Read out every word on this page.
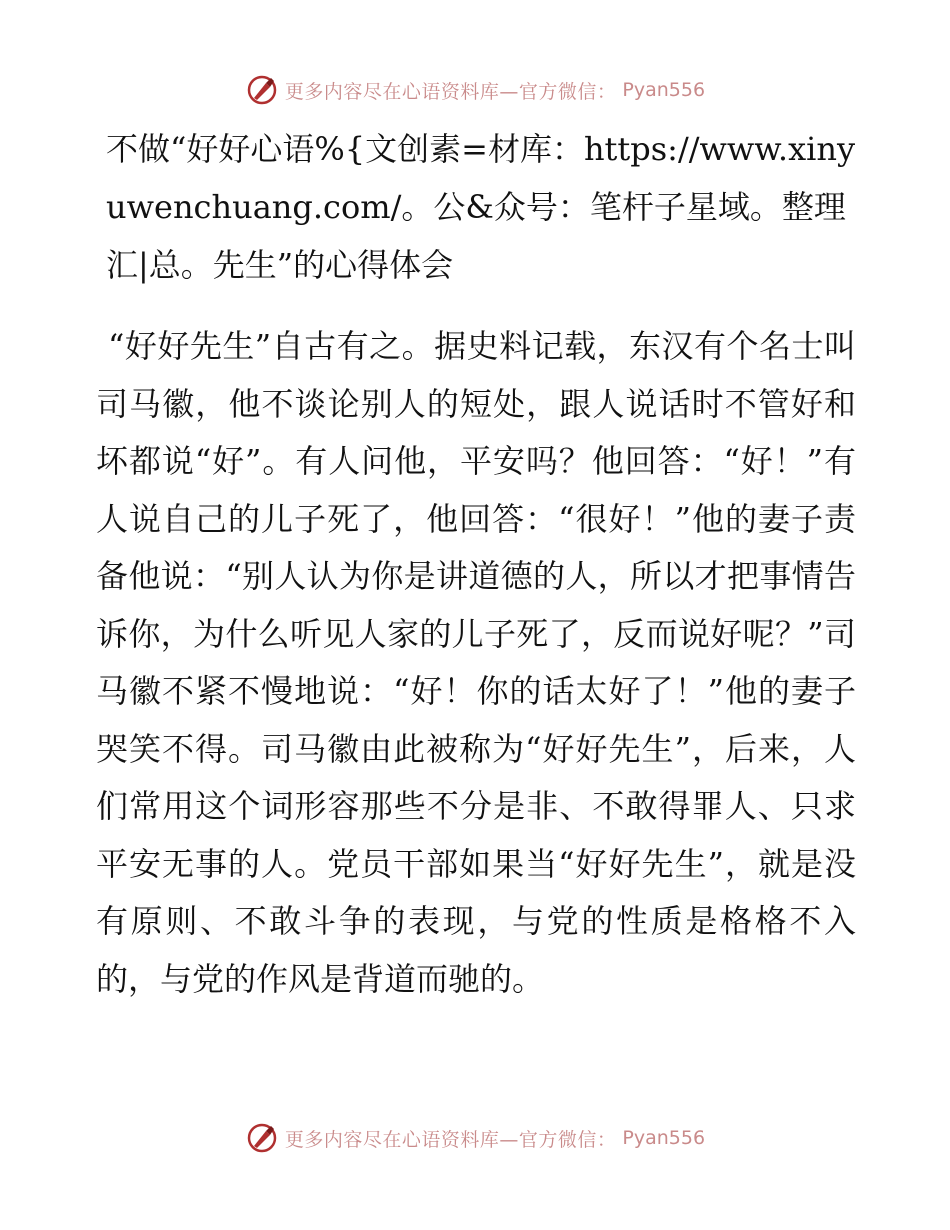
更多内容尽在心语资料库—官方微信： Pyan556
不做“好好心语%{文创素=材库：https://www.xinyuwenchuang.com/。公&众号：笔杆子星域。整理汇|总。先生”的心得体会

“好好先生”自古有之。据史料记载，东汉有个名士叫司马徽，他不谈论别人的短处，跟人说话时不管好和坏都说“好”。有人问他，平安吗？他回答：“好！”有人说自己的儿子死了，他回答：“很好！”他的妻子责备他说：“别人认为你是讲道德的人，所以才把事情告诉你，为什么听见人家的儿子死了，反而说好呢？”司马徽不紧不慢地说：“好！你的话太好了！”他的妻子哭笑不得。司马徽由此被称为“好好先生”，后来，人们常用这个词形容那些不分是非、不敢得罪人、只求平安无事的人。党员干部如果当“好好先生”，就是没有原则、不敢斗争的表现，与党的性质是格格不入的，与党的作风是背道而驰的。

更多内容尽在心语资料库—官方微信： Pyan556
